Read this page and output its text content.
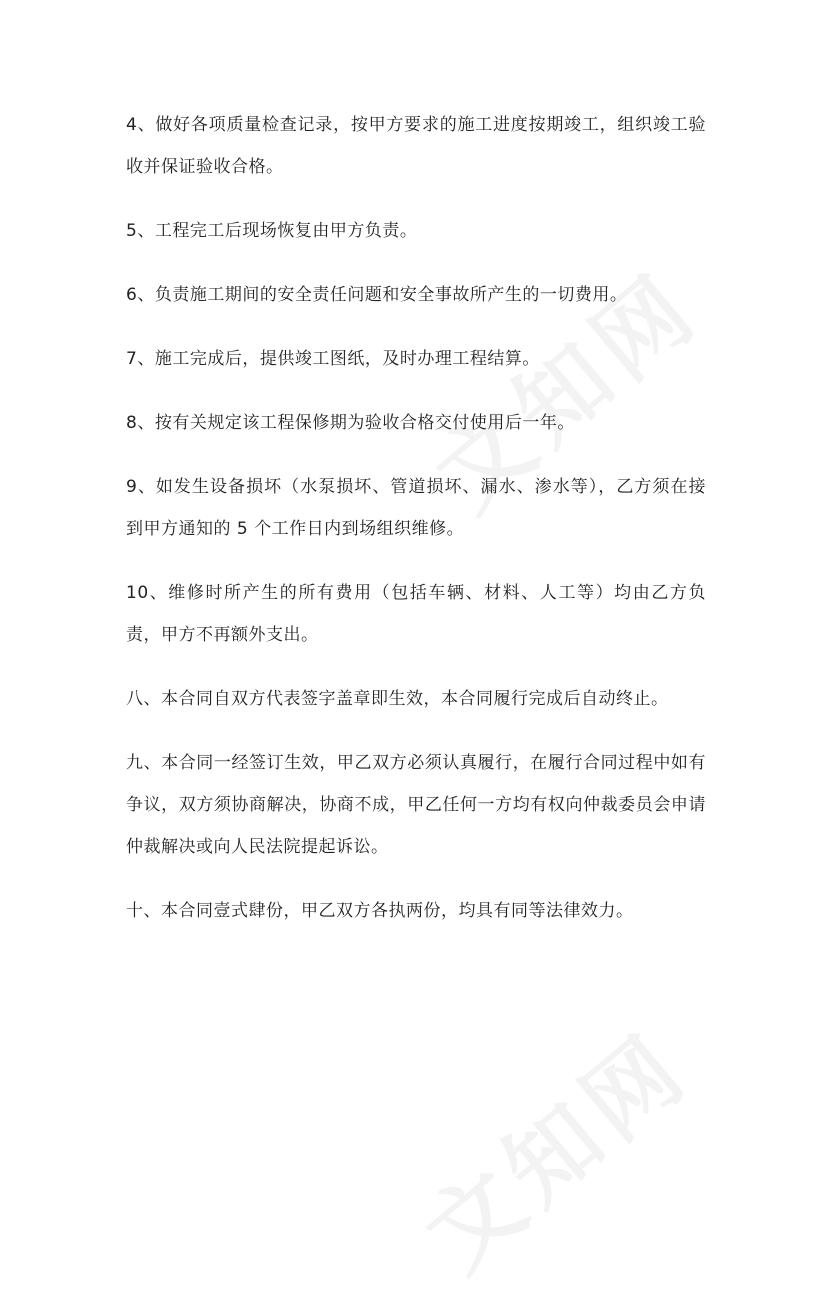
4、做好各项质量检查记录，按甲方要求的施工进度按期竣工，组织竣工验收并保证验收合格。

5、工程完工后现场恢复由甲方负责。

6、负责施工期间的安全责任问题和安全事故所产生的一切费用。

7、施工完成后，提供竣工图纸，及时办理工程结算。

8、按有关规定该工程保修期为验收合格交付使用后一年。

9、如发生设备损坏（水泵损坏、管道损坏、漏水、渗水等），乙方须在接到甲方通知的 5 个工作日内到场组织维修。

10、维修时所产生的所有费用（包括车辆、材料、人工等）均由乙方负责，甲方不再额外支出。

八、本合同自双方代表签字盖章即生效，本合同履行完成后自动终止。

九、本合同一经签订生效，甲乙双方必须认真履行，在履行合同过程中如有争议，双方须协商解决，协商不成，甲乙任何一方均有权向仲裁委员会申请仲裁解决或向人民法院提起诉讼。

十、本合同壹式肆份，甲乙双方各执两份，均具有同等法律效力。
